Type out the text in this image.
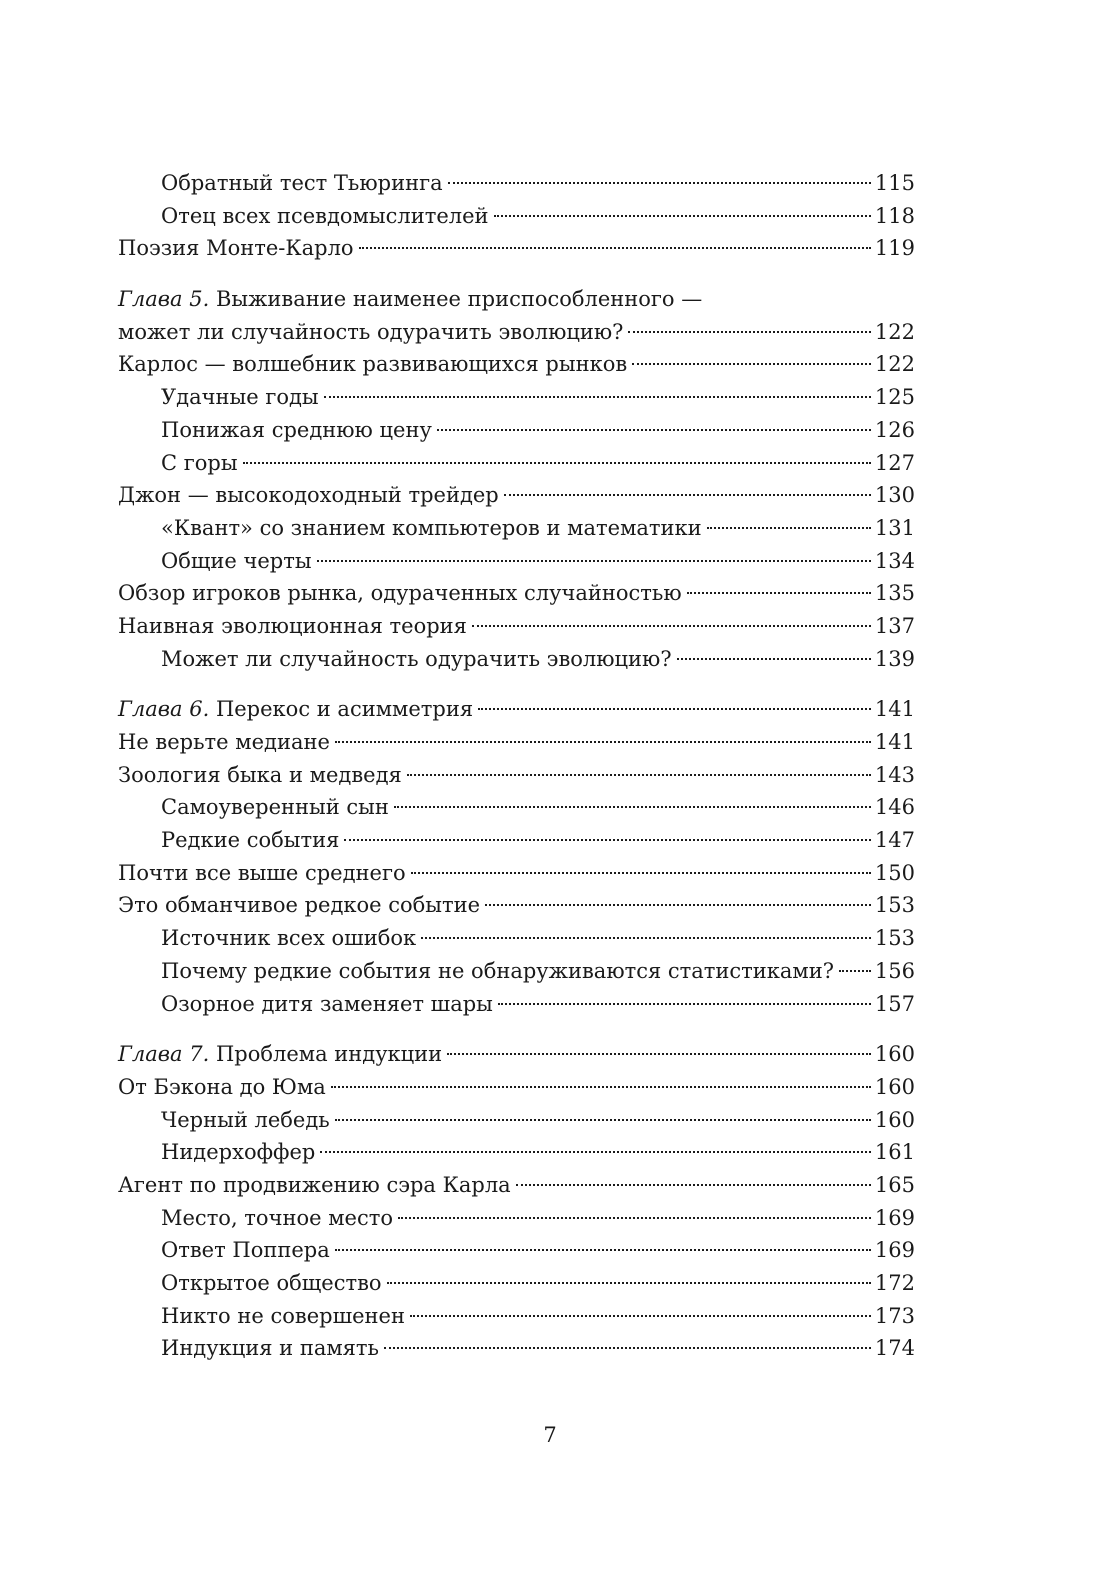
Обратный тест Тьюринга	115
Отец всех псевдомыслителей	118
Поэзия Монте-Карло	119
Глава 5. Выживание наименее приспособленного —
может ли случайность одурачить эволюцию?	122
Карлос — волшебник развивающихся рынков	122
Удачные годы	125
Понижая среднюю цену	126
С горы	127
Джон — высокодоходный трейдер	130
«Квант» со знанием компьютеров и математики	131
Общие черты	134
Обзор игроков рынка, одураченных случайностью	135
Наивная эволюционная теория	137
Может ли случайность одурачить эволюцию?	139
Глава 6. Перекос и асимметрия	141
Не верьте медиане	141
Зоология быка и медведя	143
Самоуверенный сын	146
Редкие события	147
Почти все выше среднего	150
Это обманчивое редкое событие	153
Источник всех ошибок	153
Почему редкие события не обнаруживаются статистиками? 156
Озорное дитя заменяет шары	157
Глава 7. Проблема индукции	160
От Бэкона до Юма	160
Черный лебедь	160
Нидерхоффер	161
Агент по продвижению сэра Карла	165
Место, точное место	169
Ответ Поппера	169
Открытое общество	172
Никто не совершенен	173
Индукция и память	174
7
